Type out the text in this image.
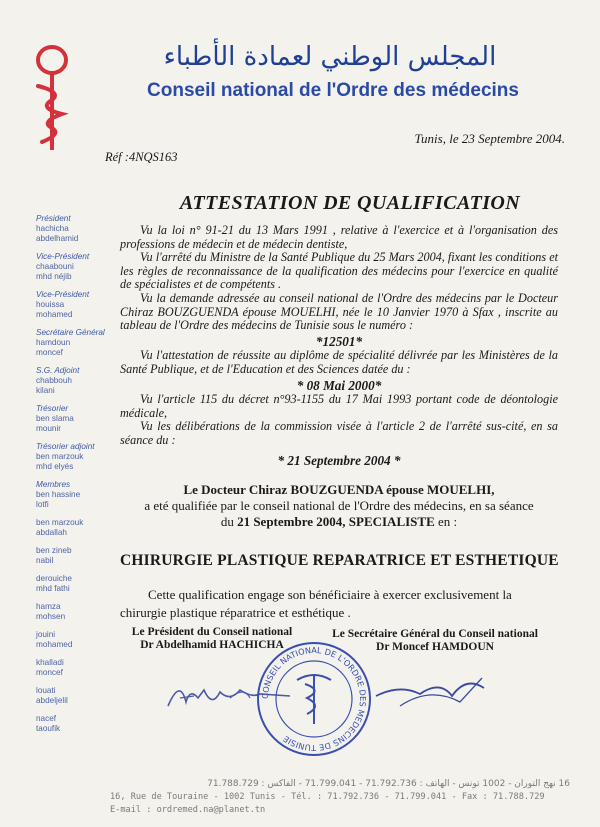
المجلس الوطني لعمادة الأطباء
Conseil national de l'Ordre des médecins
Tunis, le 23 Septembre 2004.
Réf :4NQS163
Président
hachicha
abdelhamid
Vice-Président
chaabouni
mhd néjib
Vice-Président
houissa
mohamed
Secrétaire Général
hamdoun
moncef
S.G. Adjoint
chabbouh
kilani
Trésorier
ben slama
mounir
Trésorier adjoint
ben marzouk
mhd elyés
Membres
ben hassine
lotfi
ben marzouk
abdallah
ben zineb
nabil
derouiche
mhd fathi
hamza
mohsen
jouini
mohamed
khalladi
moncef
louati
abdeljelil
nacef
taoufik
ATTESTATION DE QUALIFICATION

Vu la loi n° 91-21 du 13 Mars 1991 , relative à l'exercice et à l'organisation des professions de médecin et de médecin dentiste,

Vu l'arrêté du Ministre de la Santé Publique du 25 Mars 2004, fixant les conditions et les règles de reconnaissance de la qualification des médecins pour l'exercice en qualité de spécialistes et de compétents .

Vu la demande adressée au conseil national de l'Ordre des médecins par le Docteur Chiraz BOUZGUENDA épouse MOUELHI, née le 10 Janvier 1970 à Sfax , inscrite au tableau de l'Ordre des médecins de Tunisie sous le numéro :

*12501*

Vu l'attestation de réussite au diplôme de spécialité délivrée par les Ministères de la Santé Publique, et de l'Education et des Sciences datée du :

* 08 Mai 2000*

Vu l'article 115 du décret n°93-1155 du 17 Mai 1993 portant code de déontologie médicale,

Vu les délibérations de la commission visée à l'article 2 de l'arrêté sus-cité, en sa séance du :

* 21 Septembre 2004 *

Le Docteur Chiraz BOUZGUENDA épouse MOUELHI,
a eté qualifiée par le conseil national de l'Ordre des médecins, en sa séance
du 21 Septembre 2004, SPECIALISTE en :
CHIRURGIE PLASTIQUE REPARATRICE ET ESTHETIQUE
Cette qualification engage son bénéficiaire à exercer exclusivement la chirurgie plastique réparatrice et esthétique .
Le Président du Conseil national
Dr Abdelhamid HACHICHA
Le Secrétaire Général du Conseil national
Dr Moncef HAMDOUN
CONSEIL NATIONAL DE L'ORDRE DES MEDECINS DE TUNISIE
16 نهج التوران - 1002 تونس - الهاتف : 71.792.736 - 71.799.041 - الفاكس : 71.788.729
16, Rue de Touraine - 1002 Tunis - Tél. : 71.792.736 - 71.799.041 - Fax : 71.788.729
E-mail : ordremed.na@planet.tn
